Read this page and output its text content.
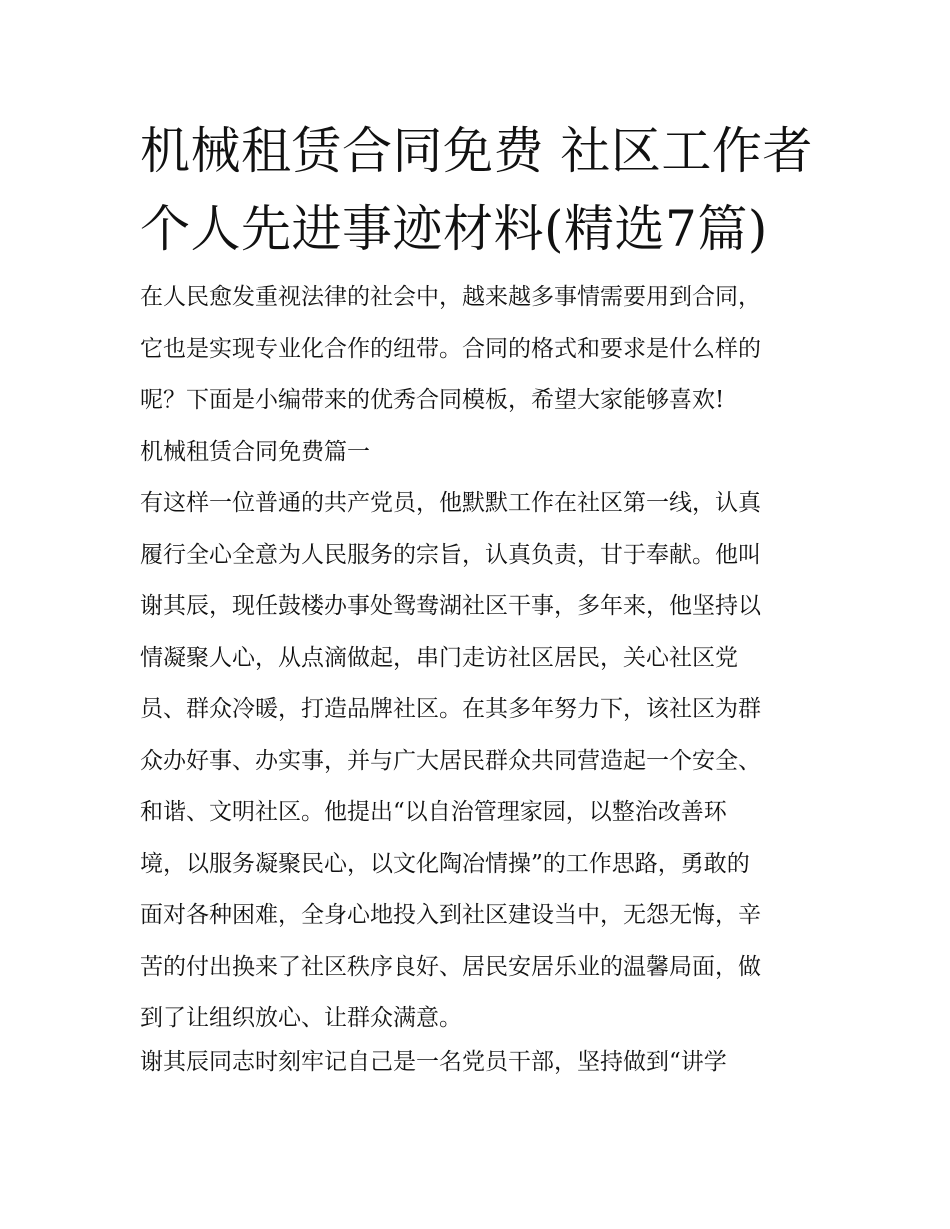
机械租赁合同免费 社区工作者
个人先进事迹材料(精选7篇)

在人民愈发重视法律的社会中，越来越多事情需要用到合同，
它也是实现专业化合作的纽带。合同的格式和要求是什么样的
呢？下面是小编带来的优秀合同模板，希望大家能够喜欢!

机械租赁合同免费篇一

有这样一位普通的共产党员，他默默工作在社区第一线，认真
履行全心全意为人民服务的宗旨，认真负责，甘于奉献。他叫
谢其辰，现任鼓楼办事处鸳鸯湖社区干事，多年来，他坚持以
情凝聚人心，从点滴做起，串门走访社区居民，关心社区党
员、群众冷暖，打造品牌社区。在其多年努力下，该社区为群
众办好事、办实事，并与广大居民群众共同营造起一个安全、
和谐、文明社区。他提出“以自治管理家园，以整治改善环
境，以服务凝聚民心，以文化陶冶情操”的工作思路，勇敢的
面对各种困难，全身心地投入到社区建设当中，无怨无悔，辛
苦的付出换来了社区秩序良好、居民安居乐业的温馨局面，做
到了让组织放心、让群众满意。

谢其辰同志时刻牢记自己是一名党员干部，坚持做到“讲学
